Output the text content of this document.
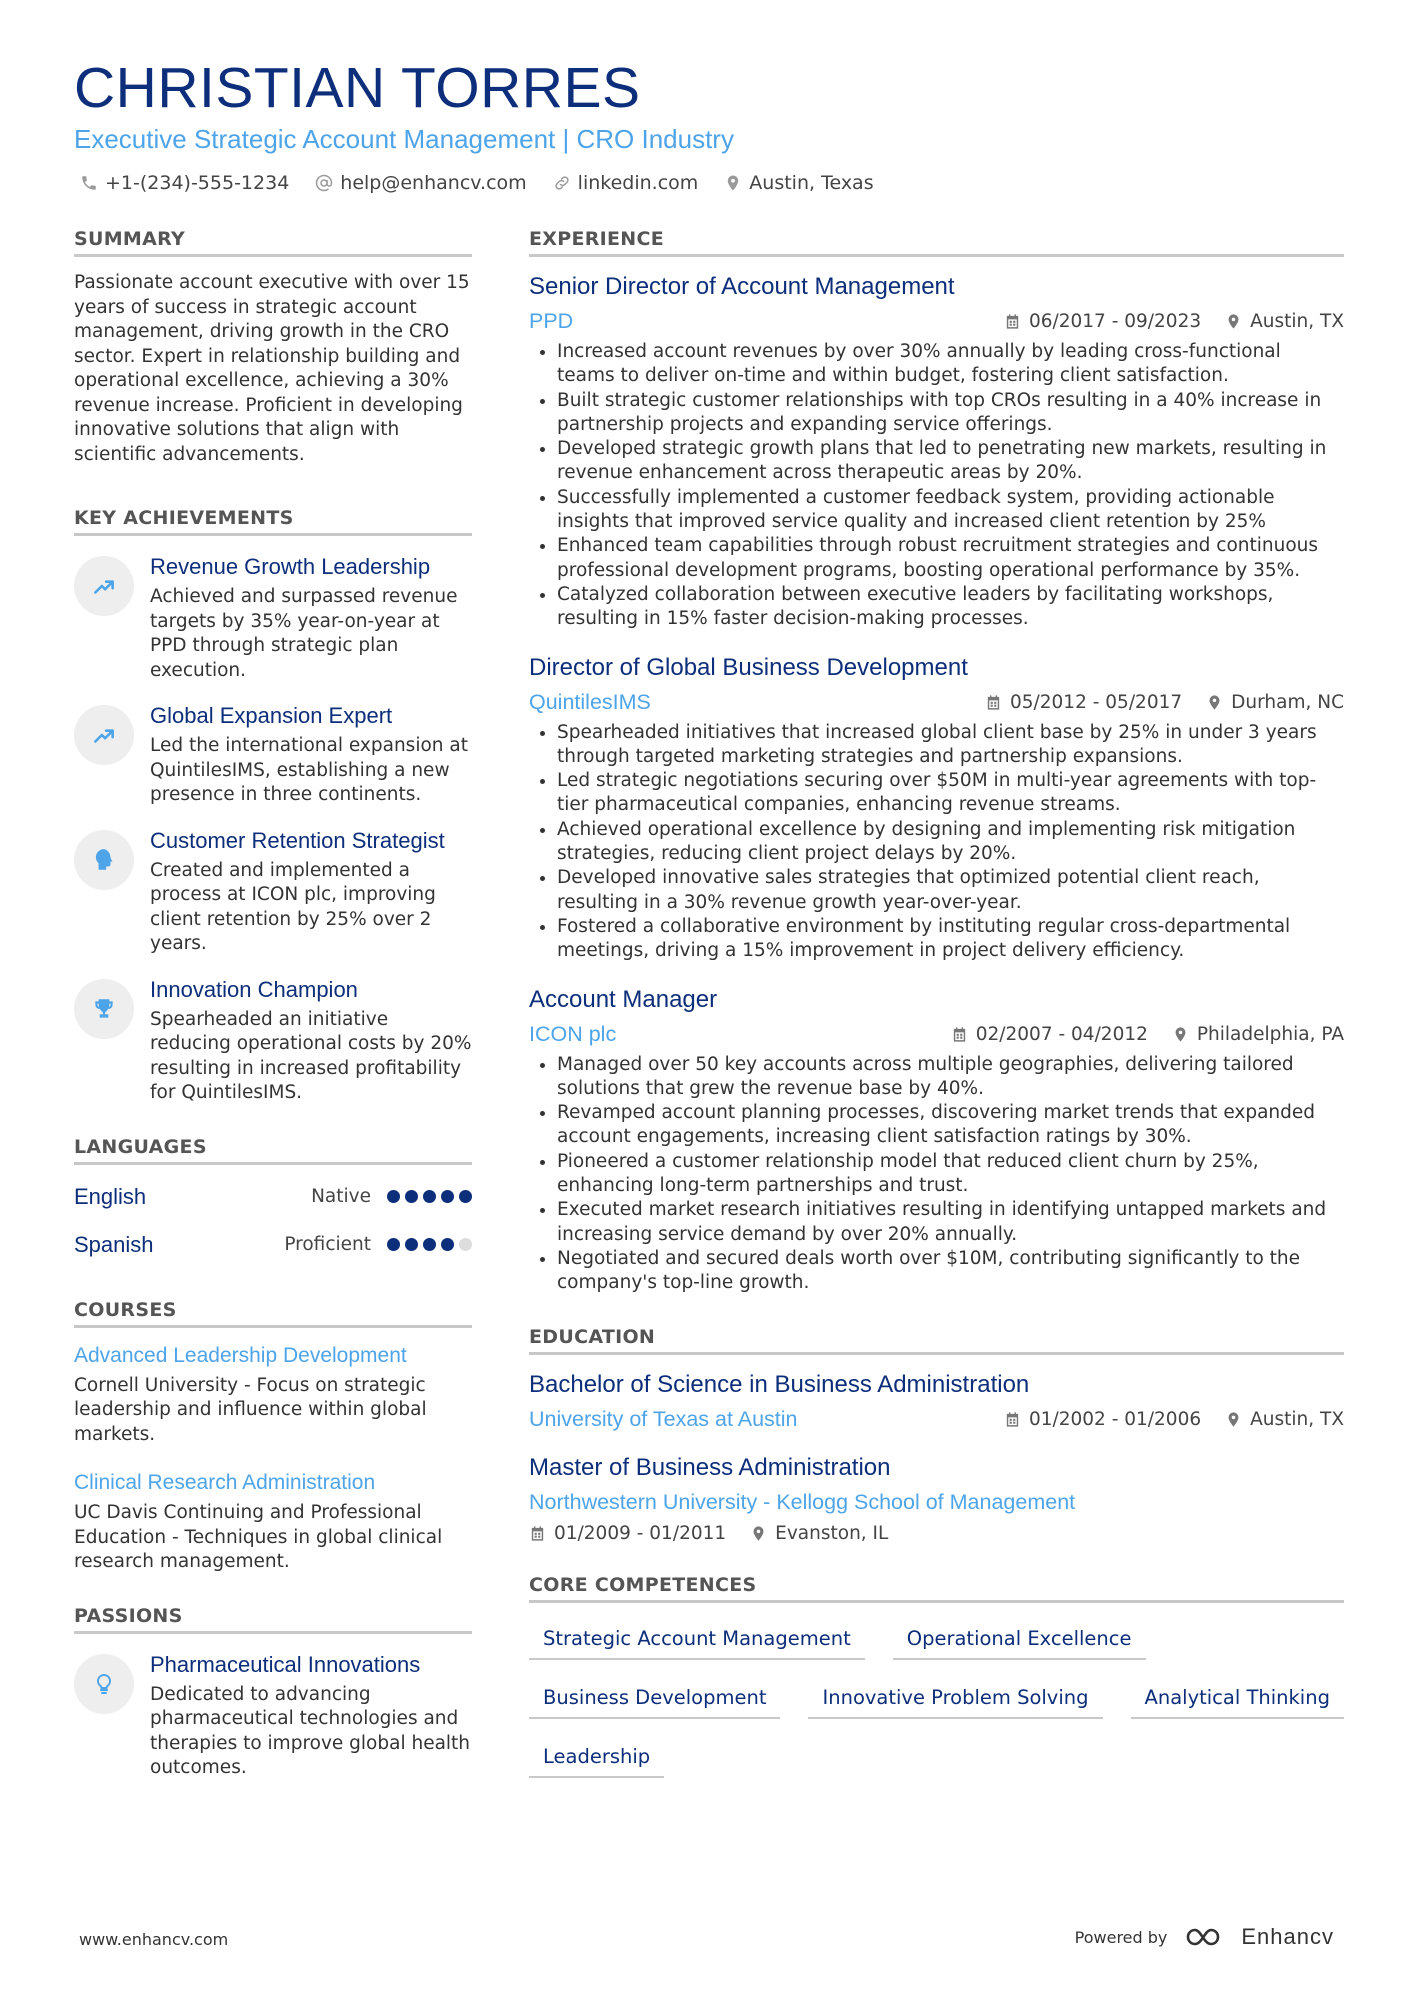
CHRISTIAN TORRES
Executive Strategic Account Management | CRO Industry
+1-(234)-555-1234	help@enhancv.com	linkedin.com	Austin, Texas
SUMMARY

Passionate account executive with over 15 years of success in strategic account management, driving growth in the CRO sector. Expert in relationship building and operational excellence, achieving a 30% revenue increase. Proficient in developing innovative solutions that align with scientific advancements.

KEY ACHIEVEMENTS
Revenue Growth Leadership
Achieved and surpassed revenue targets by 35% year-on-year at PPD through strategic plan execution.
Global Expansion Expert
Led the international expansion at QuintilesIMS, establishing a new presence in three continents.
Customer Retention Strategist
Created and implemented a process at ICON plc, improving client retention by 25% over 2 years.
Innovation Champion
Spearheaded an initiative reducing operational costs by 20% resulting in increased profitability for QuintilesIMS.
LANGUAGES
English	Native
Spanish	Proficient
COURSES
Advanced Leadership Development
Cornell University - Focus on strategic leadership and influence within global markets.
Clinical Research Administration
UC Davis Continuing and Professional Education - Techniques in global clinical research management.
PASSIONS
Pharmaceutical Innovations
Dedicated to advancing pharmaceutical technologies and therapies to improve global health outcomes.
EXPERIENCE
Senior Director of Account Management
PPD	06/2017 - 09/2023	Austin, TX
• Increased account revenues by over 30% annually by leading cross-functional teams to deliver on-time and within budget, fostering client satisfaction.
• Built strategic customer relationships with top CROs resulting in a 40% increase in partnership projects and expanding service offerings.
• Developed strategic growth plans that led to penetrating new markets, resulting in revenue enhancement across therapeutic areas by 20%.
• Successfully implemented a customer feedback system, providing actionable insights that improved service quality and increased client retention by 25%
• Enhanced team capabilities through robust recruitment strategies and continuous professional development programs, boosting operational performance by 35%.
• Catalyzed collaboration between executive leaders by facilitating workshops, resulting in 15% faster decision-making processes.
Director of Global Business Development
QuintilesIMS	05/2012 - 05/2017	Durham, NC
• Spearheaded initiatives that increased global client base by 25% in under 3 years through targeted marketing strategies and partnership expansions.
• Led strategic negotiations securing over $50M in multi-year agreements with top-tier pharmaceutical companies, enhancing revenue streams.
• Achieved operational excellence by designing and implementing risk mitigation strategies, reducing client project delays by 20%.
• Developed innovative sales strategies that optimized potential client reach, resulting in a 30% revenue growth year-over-year.
• Fostered a collaborative environment by instituting regular cross-departmental meetings, driving a 15% improvement in project delivery efficiency.
Account Manager
ICON plc	02/2007 - 04/2012	Philadelphia, PA
• Managed over 50 key accounts across multiple geographies, delivering tailored solutions that grew the revenue base by 40%.
• Revamped account planning processes, discovering market trends that expanded account engagements, increasing client satisfaction ratings by 30%.
• Pioneered a customer relationship model that reduced client churn by 25%, enhancing long-term partnerships and trust.
• Executed market research initiatives resulting in identifying untapped markets and increasing service demand by over 20% annually.
• Negotiated and secured deals worth over $10M, contributing significantly to the company's top-line growth.
EDUCATION
Bachelor of Science in Business Administration
University of Texas at Austin	01/2002 - 01/2006	Austin, TX
Master of Business Administration
Northwestern University - Kellogg School of Management
01/2009 - 01/2011	Evanston, IL
CORE COMPETENCES
Strategic Account Management	Operational Excellence
Business Development	Innovative Problem Solving	Analytical Thinking
Leadership
www.enhancv.com	Powered by	Enhancv
